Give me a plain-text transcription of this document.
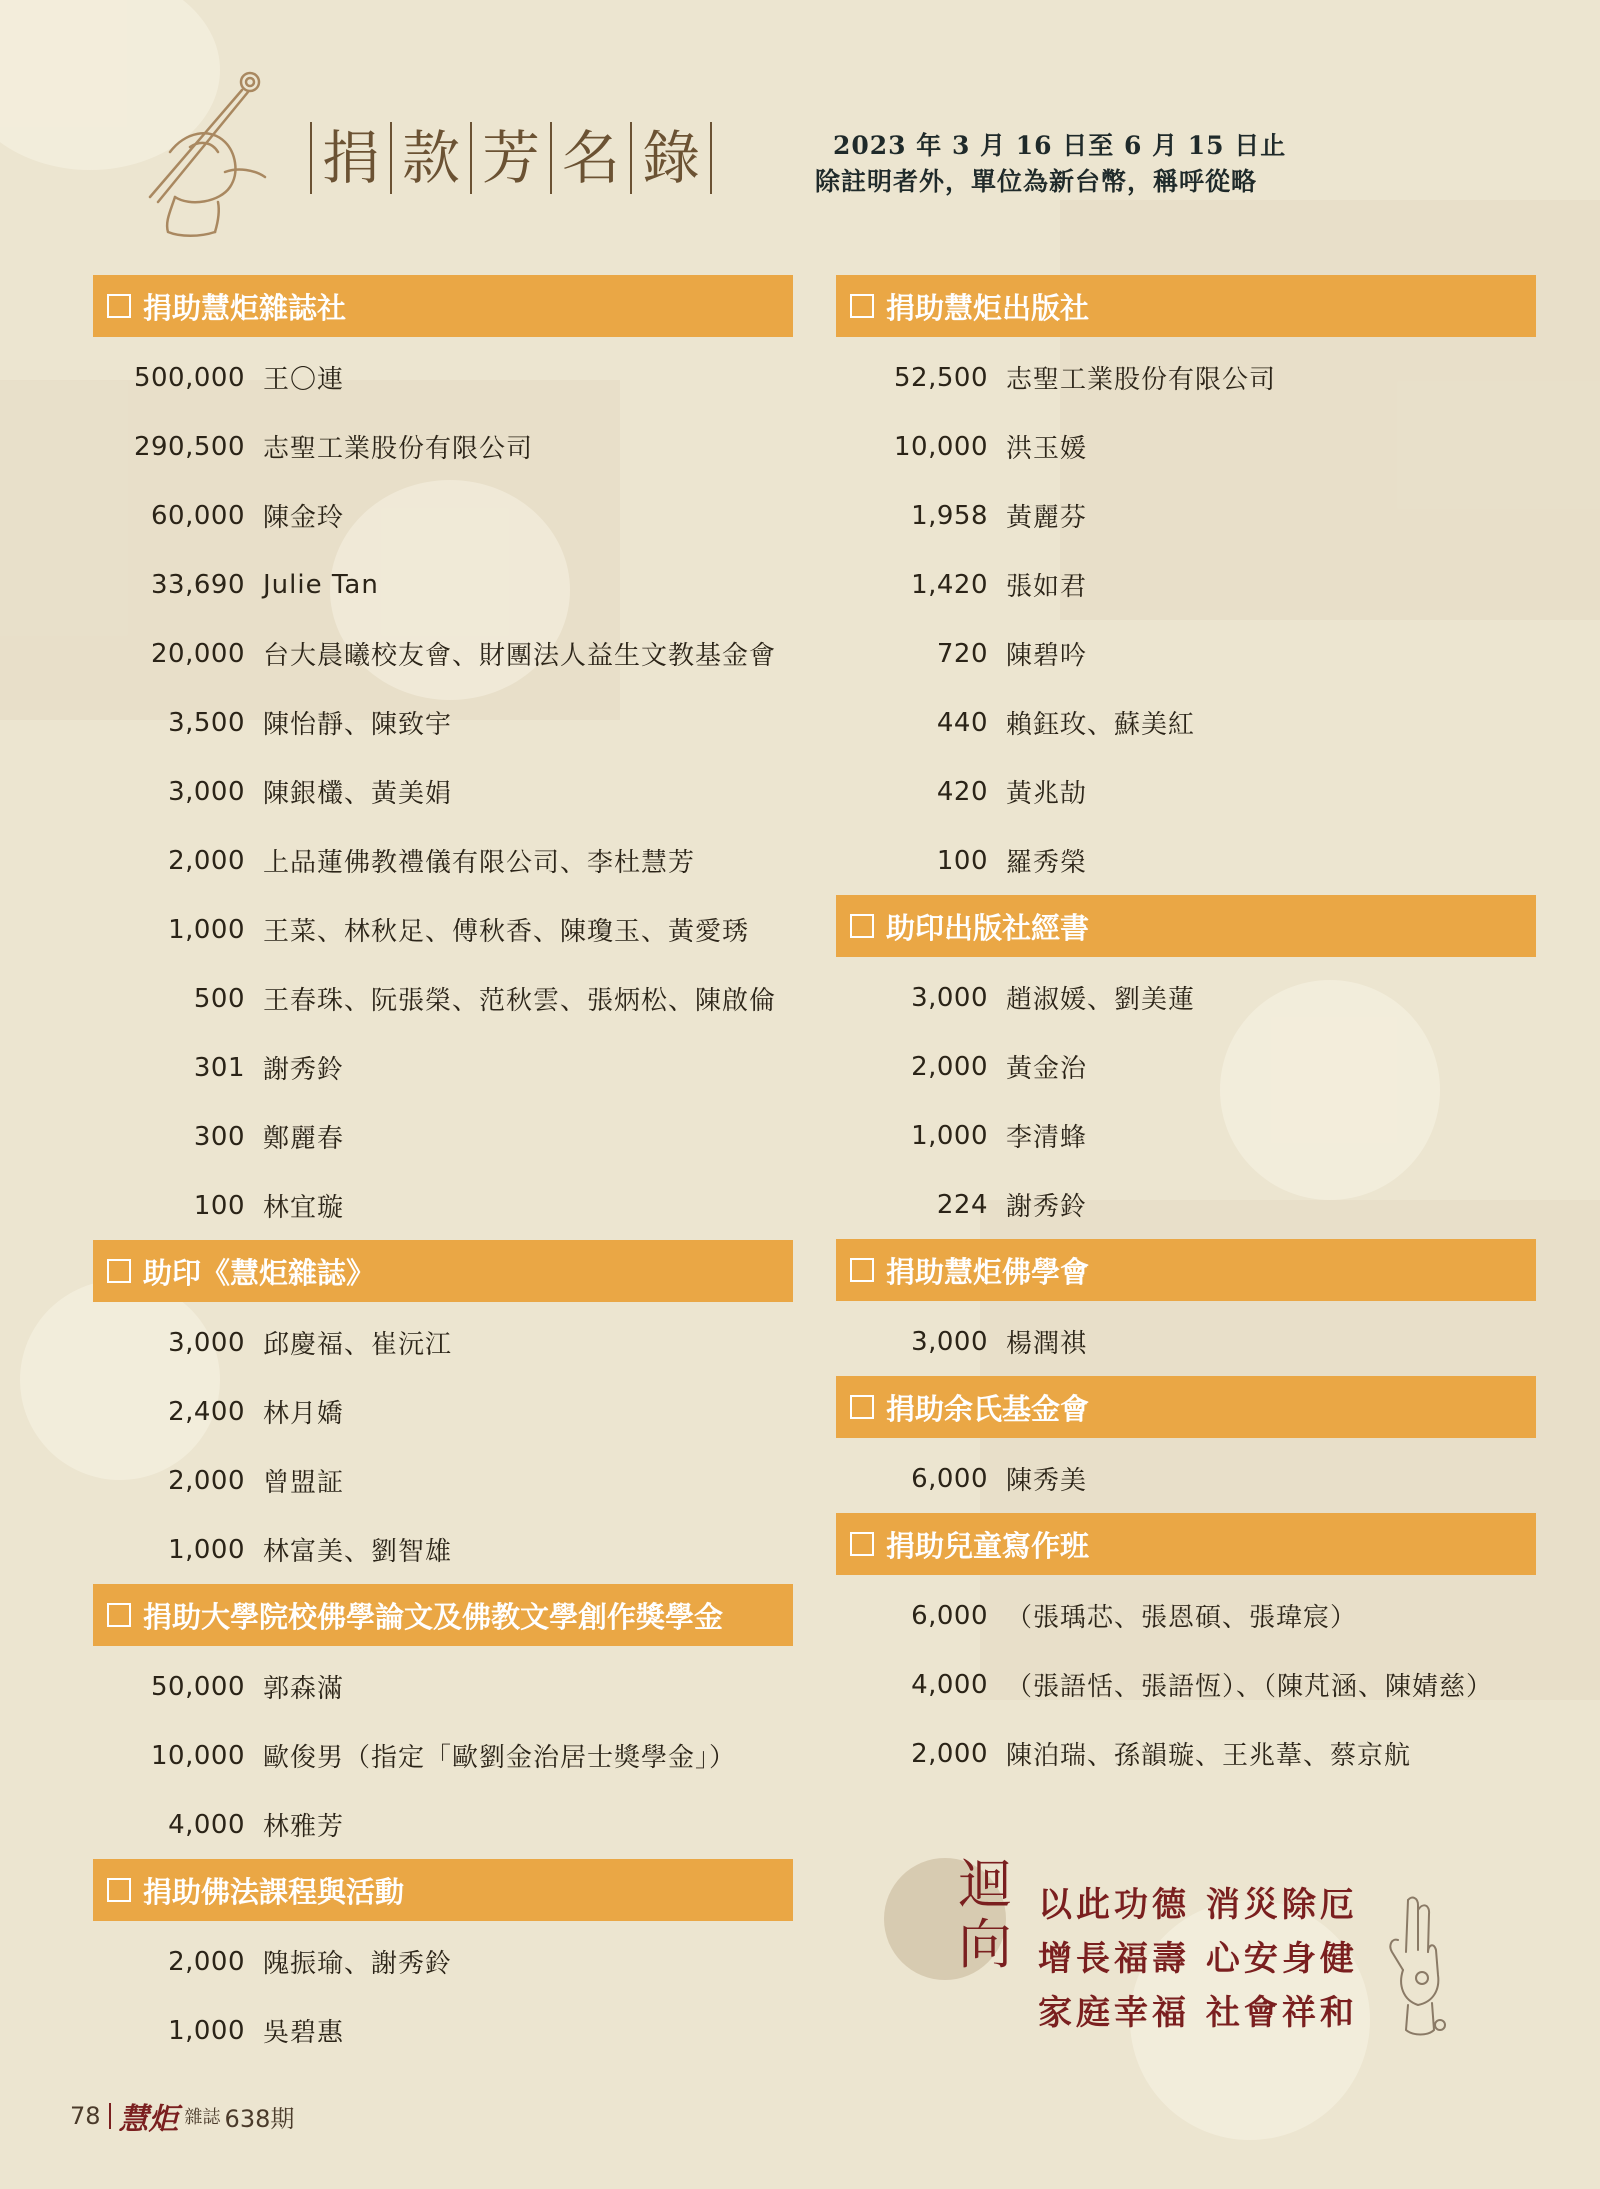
捐 款 芳 名 錄	2023 年 3 月 16 日至 6 月 15 日止
除註明者外，單位為新台幣，稱呼從略
捐助慧炬雜誌社
500,000 王〇連
290,500 志聖工業股份有限公司
60,000 陳金玲
33,690 Julie Tan
20,000 台大晨曦校友會、財團法人益生文教基金會
3,500 陳怡靜、陳致宇
3,000 陳銀欉、黃美娟
2,000 上品蓮佛教禮儀有限公司、李杜慧芳
1,000 王菜、林秋足、傅秋香、陳瓊玉、黃愛琇
500 王春珠、阮張榮、范秋雲、張炳松、陳啟倫
301 謝秀鈴
300 鄭麗春
100 林宜璇
助印《慧炬雜誌》
3,000 邱慶福、崔沅江
2,400 林月嬌
2,000 曾盟証
1,000 林富美、劉智雄
捐助大學院校佛學論文及佛教文學創作獎學金
50,000 郭森滿
10,000 歐俊男（指定「歐劉金治居士獎學金」）
4,000 林雅芳
捐助佛法課程與活動
2,000 隗振瑜、謝秀鈴
1,000 吳碧惠
捐助慧炬出版社
52,500 志聖工業股份有限公司
10,000 洪玉媛
1,958 黃麗芬
1,420 張如君
720 陳碧吟
440 賴鈺玫、蘇美紅
420 黃兆劼
100 羅秀榮
助印出版社經書
3,000 趙淑媛、劉美蓮
2,000 黃金治
1,000 李清蜂
224 謝秀鈴
捐助慧炬佛學會
3,000 楊潤祺
捐助余氏基金會
6,000 陳秀美
捐助兒童寫作班
6,000 （張瑀芯、張恩碩、張瑋宸）
4,000 （張語恬、張語恆）、（陳芃涵、陳婧慈）
2,000 陳泊瑞、孫韻璇、王兆葦、蔡京航
迴向
以此功德 消災除厄
增長福壽 心安身健
家庭幸福 社會祥和
78 慧炬 雜誌 638期
